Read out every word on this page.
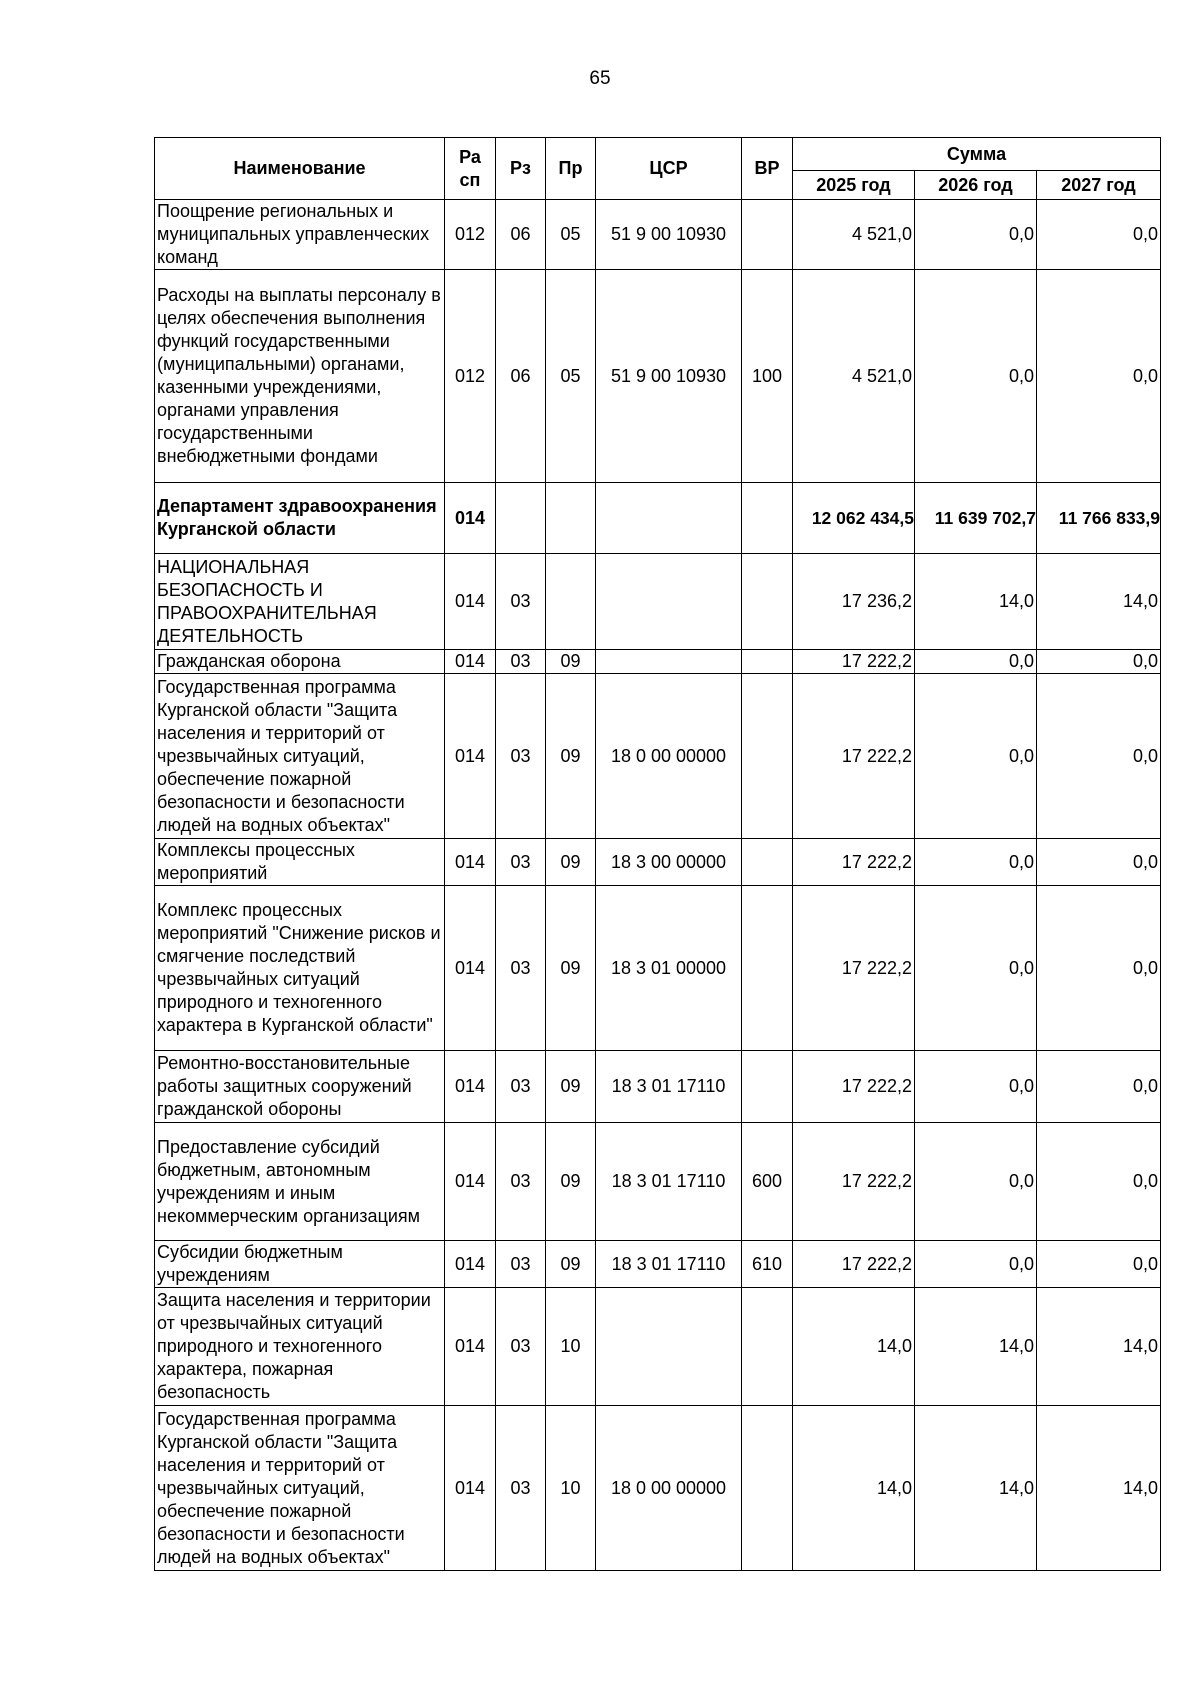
65
Наименование	Ра сп	Рз	Пр	ЦСР	ВР	Сумма		
						2025 год	2026 год	2027 год
Поощрение региональных и муниципальных управленческих команд	012	06	05	51 9 00 10930		4 521,0	0,0	0,0
Расходы на выплаты персоналу в целях обеспечения выполнения функций государственными (муниципальными) органами, казенными учреждениями, органами управления государственными внебюджетными фондами	012	06	05	51 9 00 10930	100	4 521,0	0,0	0,0
Департамент здравоохранения Курганской области	014					12 062 434,5	11 639 702,7	11 766 833,9
НАЦИОНАЛЬНАЯ БЕЗОПАСНОСТЬ И ПРАВООХРАНИТЕЛЬНАЯ ДЕЯТЕЛЬНОСТЬ	014	03				17 236,2	14,0	14,0
Гражданская оборона	014	03	09			17 222,2	0,0	0,0
Государственная программа Курганской области "Защита населения и территорий от чрезвычайных ситуаций, обеспечение пожарной безопасности и безопасности людей на водных объектах"	014	03	09	18 0 00 00000		17 222,2	0,0	0,0
Комплексы процессных мероприятий	014	03	09	18 3 00 00000		17 222,2	0,0	0,0
Комплекс процессных мероприятий "Снижение рисков и смягчение последствий чрезвычайных ситуаций природного и техногенного характера в Курганской области"	014	03	09	18 3 01 00000		17 222,2	0,0	0,0
Ремонтно-восстановительные работы защитных сооружений гражданской обороны	014	03	09	18 3 01 17110		17 222,2	0,0	0,0
Предоставление субсидий бюджетным, автономным учреждениям и иным некоммерческим организациям	014	03	09	18 3 01 17110	600	17 222,2	0,0	0,0
Субсидии бюджетным учреждениям	014	03	09	18 3 01 17110	610	17 222,2	0,0	0,0
Защита населения и территории от чрезвычайных ситуаций природного и техногенного характера, пожарная безопасность	014	03	10			14,0	14,0	14,0
Государственная программа Курганской области "Защита населения и территорий от чрезвычайных ситуаций, обеспечение пожарной безопасности и безопасности людей на водных объектах"	014	03	10	18 0 00 00000		14,0	14,0	14,0
